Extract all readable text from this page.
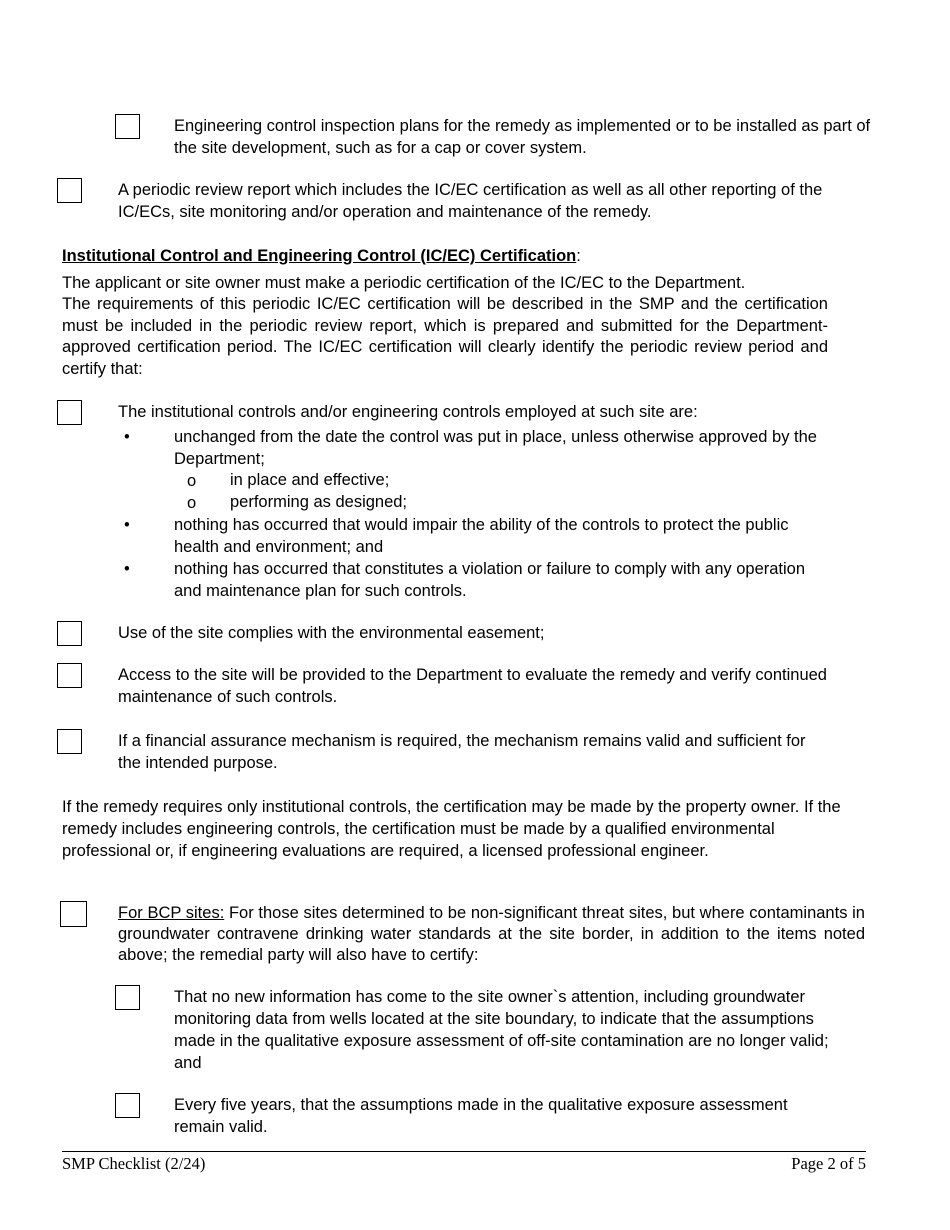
Engineering control inspection plans for the remedy as implemented or to be installed as part of the site development, such as for a cap or cover system.
A periodic review report which includes the IC/EC certification as well as all other reporting of the IC/ECs, site monitoring and/or operation and maintenance of the remedy.
Institutional Control and Engineering Control (IC/EC) Certification:
The applicant or site owner must make a periodic certification of the IC/EC to the Department.
The requirements of this periodic IC/EC certification will be described in the SMP and the certification must be included in the periodic review report, which is prepared and submitted for the Department-approved certification period. The IC/EC certification will clearly identify the periodic review period and certify that:
The institutional controls and/or engineering controls employed at such site are:
•	unchanged from the date the control was put in place, unless otherwise approved by the Department;
o in place and effective;
o performing as designed;
•	nothing has occurred that would impair the ability of the controls to protect the public health and environment; and
•	nothing has occurred that constitutes a violation or failure to comply with any operation and maintenance plan for such controls.
Use of the site complies with the environmental easement;
Access to the site will be provided to the Department to evaluate the remedy and verify continued maintenance of such controls.
If a financial assurance mechanism is required, the mechanism remains valid and sufficient for the intended purpose.
If the remedy requires only institutional controls, the certification may be made by the property owner. If the remedy includes engineering controls, the certification must be made by a qualified environmental professional or, if engineering evaluations are required, a licensed professional engineer.
For BCP sites: For those sites determined to be non-significant threat sites, but where contaminants in groundwater contravene drinking water standards at the site border, in addition to the items noted above; the remedial party will also have to certify:
That no new information has come to the site owner`s attention, including groundwater monitoring data from wells located at the site boundary, to indicate that the assumptions made in the qualitative exposure assessment of off-site contamination are no longer valid; and
Every five years, that the assumptions made in the qualitative exposure assessment remain valid.
SMP Checklist (2/24)	Page 2 of 5
